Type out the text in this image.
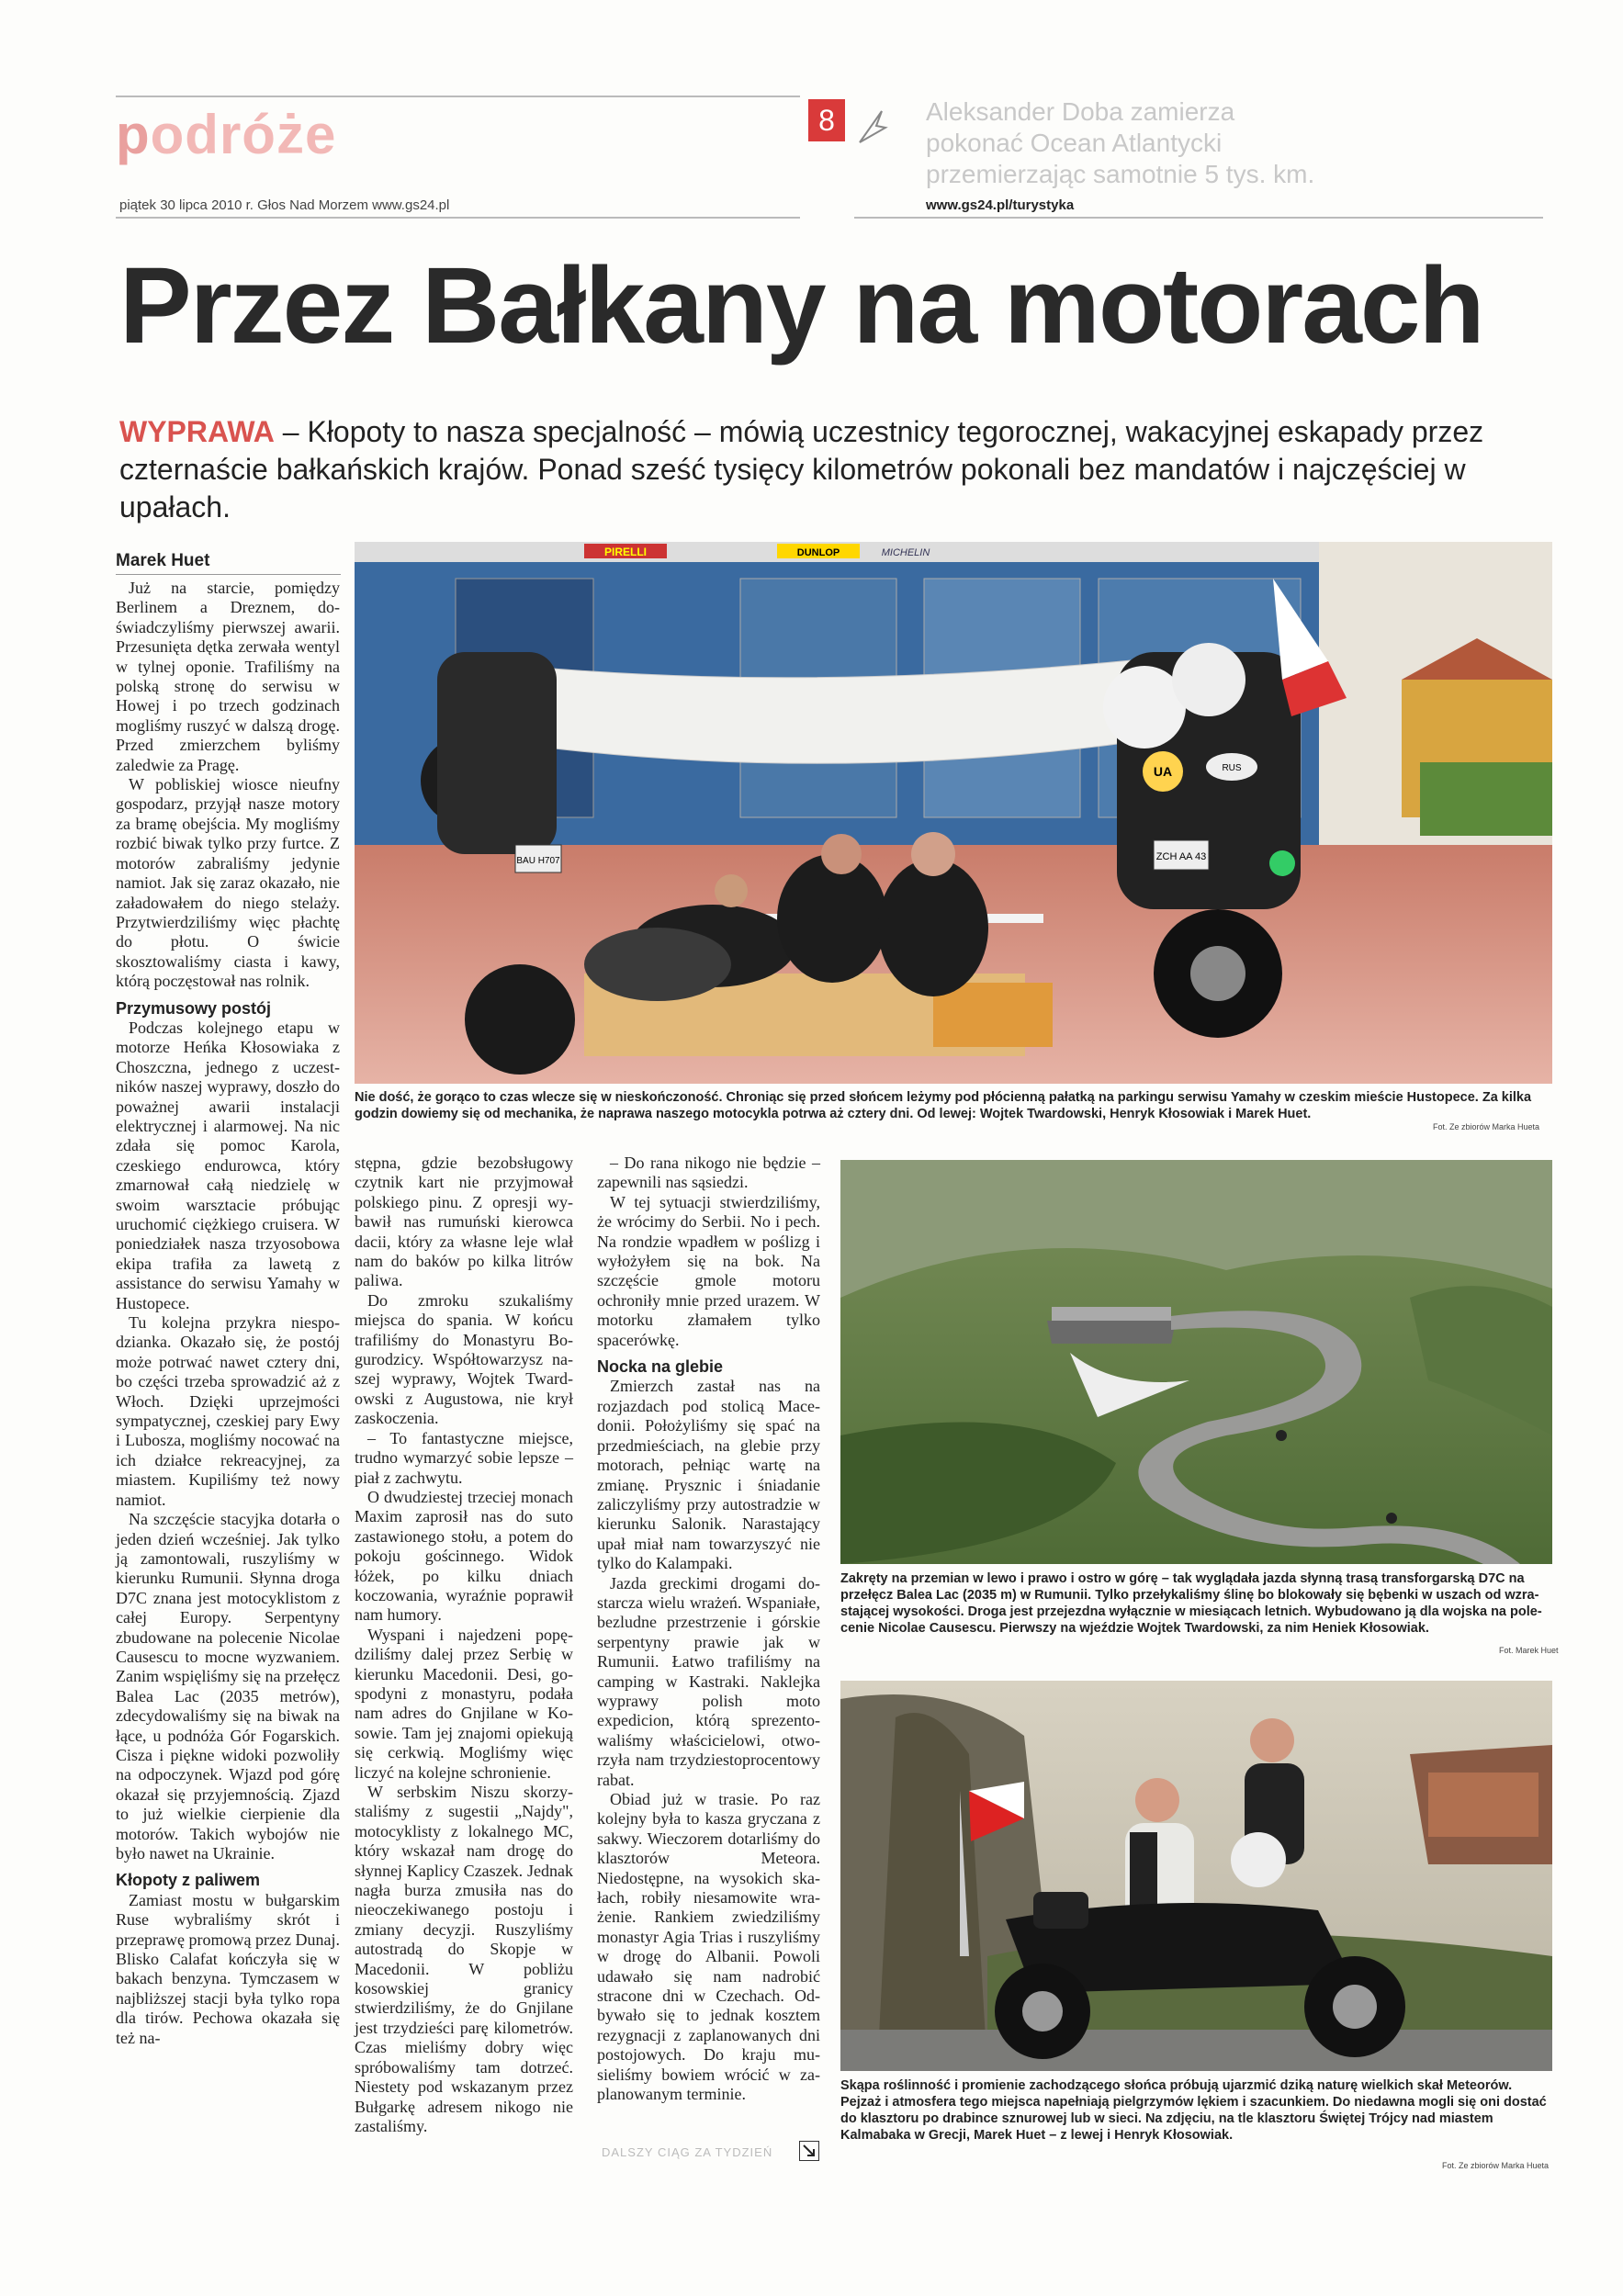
podróże
piątek 30 lipca 2010 r. Głos Nad Morzem www.gs24.pl
8	Aleksander Doba zamierza pokonać Ocean Atlantycki przemierzając samotnie 5 tys. km.
www.gs24.pl/turystyka
Przez Bałkany na motorach
WYPRAWA – Kłopoty to nasza specjalność – mówią uczestnicy tegorocznej, wakacyjnej eskapady przez czternaście bałkańskich krajów. Ponad sześć tysięcy kilometrów pokonali bez mandatów i najczęściej w upałach.
Marek Huet	PIRELLI	DUNLOP	MICHELIN
BAU H707
UA	RUS
ZCH AA 43
Nie dość, że gorąco to czas wlecze się w nieskończoność. Chroniąc się przed słońcem leżymy pod płócienną pałatką na parkingu serwisu Yamahy w czeskim mieście Hustopece. Za kilka godzin dowiemy się od mechanika, że naprawa naszego motocykla potrwa aż cztery dni. Od lewej: Wojtek Twardowski, Henryk Kłosowiak i Marek Huet.
Fot. Ze zbiorów Marka Hueta
Zakręty na przemian w lewo i prawo i ostro w górę – tak wyglądała jazda słynną trasą transforgarską D7C na przełęcz Balea Lac (2035 m) w Rumunii. Tylko przełykaliśmy ślinę bo blokowały się bębenki w uszach od wzrastającej wysokości. Droga jest przejezdna wyłącznie w miesiącach letnich. Wybudowano ją dla wojska na polecenie Nicolae Causescu. Pierwszy na wjeździe Wojtek Twardowski, za nim Heniek Kłosowiak.
Fot. Marek Huet
Skąpa roślinność i promienie zachodzącego słońca próbują ujarzmić dziką naturę wielkich skał Meteorów. Pejzaż i atmosfera tego miejsca napełniają pielgrzymów lękiem i szacunkiem. Do niedawna mogli się oni dostać do klasztoru po drabince sznurowej lub w sieci. Na zdjęciu, na tle klasztoru Świętej Trójcy nad miastem Kalmabaka w Grecji, Marek Huet – z lewej i Henryk Kłosowiak.
Fot. Ze zbiorów Marka Hueta

Już na starcie, pomiędzy Berlinem a Dreznem, doświadczyliśmy pierwszej awarii. Przesunięta dętka zerwała wentyl w tylnej oponie. Trafiliśmy na polską stronę do serwisu w Howej i po trzech godzinach mogliśmy ruszyć w dalszą drogę. Przed zmierzchem byliśmy zaledwie za Pragę.

W pobliskiej wiosce nieufny gospodarz, przyjął nasze motory za bramę obejścia. My mogliśmy rozbić biwak tylko przy furtce. Z motorów zabraliśmy jedynie namiot. Jak się zaraz okazało, nie załadowałem do niego stelaży. Przytwierdziliśmy więc płachtę do płotu. O świcie skosztowaliśmy ciasta i kawy, którą poczęstował nas rolnik.

Przymusowy postój

Podczas kolejnego etapu w motorze Heńka Kłosowiaka z Choszczna, jednego z uczestników naszej wyprawy, doszło do poważnej awarii instalacji elektrycznej i alarmowej. Na nic zdała się pomoc Karola, czeskiego endurowca, który zmarnował całą niedzielę w swoim warsztacie próbując uruchomić ciężkiego cruisera. W poniedziałek nasza trzyosobowa ekipa trafiła za lawetą z assistance do serwisu Yamahy w Hustopece.

Tu kolejna przykra niespodzianka. Okazało się, że postój może potrwać nawet cztery dni, bo części trzeba sprowadzić aż z Włoch. Dzięki uprzejmości sympatycznej, czeskiej pary Ewy i Lubosza, mogliśmy nocować na ich działce rekreacyjnej, za miastem. Kupiliśmy też nowy namiot.

Na szczęście stacyjka dotarła o jeden dzień wcześniej. Jak tylko ją zamontowali, ruszyliśmy w kierunku Rumunii. Słynna droga D7C znana jest motocyklistom z całej Europy. Serpentyny zbudowane na polecenie Nicolae Causescu to mocne wyzwaniem. Zanim wspięliśmy się na przełęcz Balea Lac (2035 metrów), zdecydowaliśmy się na biwak na łące, u podnóża Gór Fogarskich. Cisza i piękne widoki pozwoliły na odpoczynek. Wjazd pod górę okazał się przyjemnością. Zjazd to już wielkie cierpienie dla motorów. Takich wybojów nie było nawet na Ukrainie.

Kłopoty z paliwem

Zamiast mostu w bułgarskim Ruse wybraliśmy skrót i przeprawę promową przez Dunaj. Blisko Calafat kończyła się w bakach benzyna. Tymczasem w najbliższej stacji była tylko ropa dla tirów. Pechowa okazała się też na-

stępna, gdzie bezobsługowy czytnik kart nie przyjmował polskiego pinu. Z opresji wybawił nas rumuński kierowca dacii, który za własne leje wlał nam do baków po kilka litrów paliwa.

Do zmroku szukaliśmy miejsca do spania. W końcu trafiliśmy do Monastyru Bogurodzicy. Współtowarzysz naszej wyprawy, Wojtek Twardowski z Augustowa, nie krył zaskoczenia.

– To fantastyczne miejsce, trudno wymarzyć sobie lepsze – piał z zachwytu.

O dwudziestej trzeciej monach Maxim zaprosił nas do suto zastawionego stołu, a potem do pokoju gościnnego. Widok łóżek, po kilku dniach koczowania, wyraźnie poprawił nam humory.

Wyspani i najedzeni popędziliśmy dalej przez Serbię w kierunku Macedonii. Desi, gospodyni z monastyru, podała nam adres do Gnjilane w Kosowie. Tam jej znajomi opiekują się cerkwią. Mogliśmy więc liczyć na kolejne schronienie.

W serbskim Niszu skorzystaliśmy z sugestii „Najdy", motocyklisty z lokalnego MC, który wskazał nam drogę do słynnej Kaplicy Czaszek. Jednak nagła burza zmusiła nas do nieoczekiwanego postoju i zmiany decyzji. Ruszyliśmy autostradą do Skopje w Macedonii. W pobliżu kosowskiej granicy stwierdziliśmy, że do Gnjilane jest trzydzieści parę kilometrów. Czas mieliśmy dobry więc spróbowaliśmy tam dotrzeć. Niestety pod wskazanym przez Bułgarkę adresem nikogo nie zastaliśmy.

– Do rana nikogo nie będzie – zapewnili nas sąsiedzi.

W tej sytuacji stwierdziliśmy, że wrócimy do Serbii. No i pech. Na rondzie wpadłem w poślizg i wyłożyłem się na bok. Na szczęście gmole motoru ochroniły mnie przed urazem. W motorku złamałem tylko spacerówkę.

Nocka na glebie

Zmierzch zastał nas na rozjazdach pod stolicą Macedonii. Położyliśmy się spać na przedmieściach, na glebie przy motorach, pełniąc wartę na zmianę. Prysznic i śniadanie zaliczyliśmy przy autostradzie w kierunku Salonik. Narastający upał miał nam towarzyszyć nie tylko do Kalampaki.

Jazda greckimi drogami dostarcza wielu wrażeń. Wspaniałe, bezludne przestrzenie i górskie serpentyny prawie jak w Rumunii. Łatwo trafiliśmy na camping w Kastraki. Naklejka wyprawy polish moto expedicion, którą sprezentowaliśmy właścicielowi, otworzyła nam trzydziestoprocentowy rabat.

Obiad już w trasie. Po raz kolejny była to kasza gryczana z sakwy. Wieczorem dotarliśmy do klasztorów Meteora. Niedostępne, na wysokich skałach, robiły niesamowite wrażenie. Rankiem zwiedziliśmy monastyr Agia Trias i ruszyliśmy w drogę do Albanii. Powoli udawało się nam nadrobić stracone dni w Czechach. Odbywało się to jednak kosztem rezygnacji z zaplanowanych dni postojowych. Do kraju musieliśmy bowiem wrócić w zaplanowanym terminie.

DALSZY CIĄG ZA TYDZIEŃ
